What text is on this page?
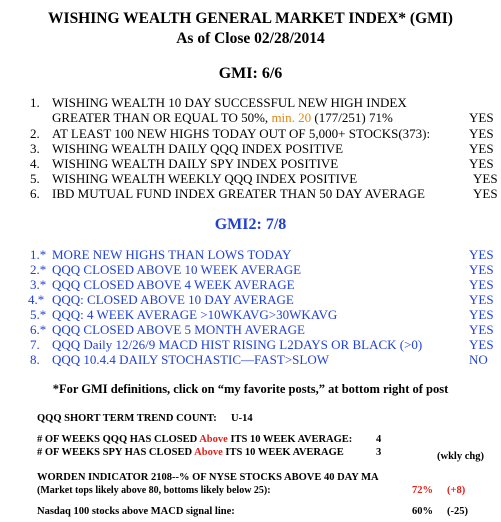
WISHING WEALTH GENERAL MARKET INDEX* (GMI)
As of Close 02/28/2014
GMI: 6/6
1. WISHING WEALTH 10 DAY SUCCESSFUL NEW HIGH INDEX
GREATER THAN OR EQUAL TO 50%, min. 20 (177/251) 71%	YES
2. AT LEAST 100 NEW HIGHS TODAY OUT OF 5,000+ STOCKS(373):	YES
3. WISHING WEALTH DAILY QQQ INDEX POSITIVE	YES
4. WISHING WEALTH DAILY SPY INDEX POSITIVE	YES
5. WISHING WEALTH WEEKLY QQQ INDEX POSITIVE	YES
6. IBD MUTUAL FUND INDEX GREATER THAN 50 DAY AVERAGE	YES
GMI2: 7/8
1.* MORE NEW HIGHS THAN LOWS TODAY	YES
2.* QQQ CLOSED ABOVE 10 WEEK AVERAGE	YES
3.* QQQ CLOSED ABOVE 4 WEEK AVERAGE	YES
4.* QQQ: CLOSED ABOVE 10 DAY AVERAGE	YES
5.* QQQ: 4 WEEK AVERAGE >10WKAVG>30WKAVG	YES
6.* QQQ CLOSED ABOVE 5 MONTH AVERAGE	YES
7. QQQ Daily 12/26/9 MACD HIST RISING L2DAYS OR BLACK (>0)	YES
8. QQQ 10.4.4 DAILY STOCHASTIC—FAST>SLOW	NO
*For GMI definitions, click on “my favorite posts,” at bottom right of post
QQQ SHORT TERM TREND COUNT: U-14
# OF WEEKS QQQ HAS CLOSED Above ITS 10 WEEK AVERAGE: 4
# OF WEEKS SPY HAS CLOSED Above ITS 10 WEEK AVERAGE	3	(wkly chg)
WORDEN INDICATOR 2108--% OF NYSE STOCKS ABOVE 40 DAY MA
(Market tops likely above 80, bottoms likely below 25):	72% (+8)
Nasdaq 100 stocks above MACD signal line:	60% (-25)
